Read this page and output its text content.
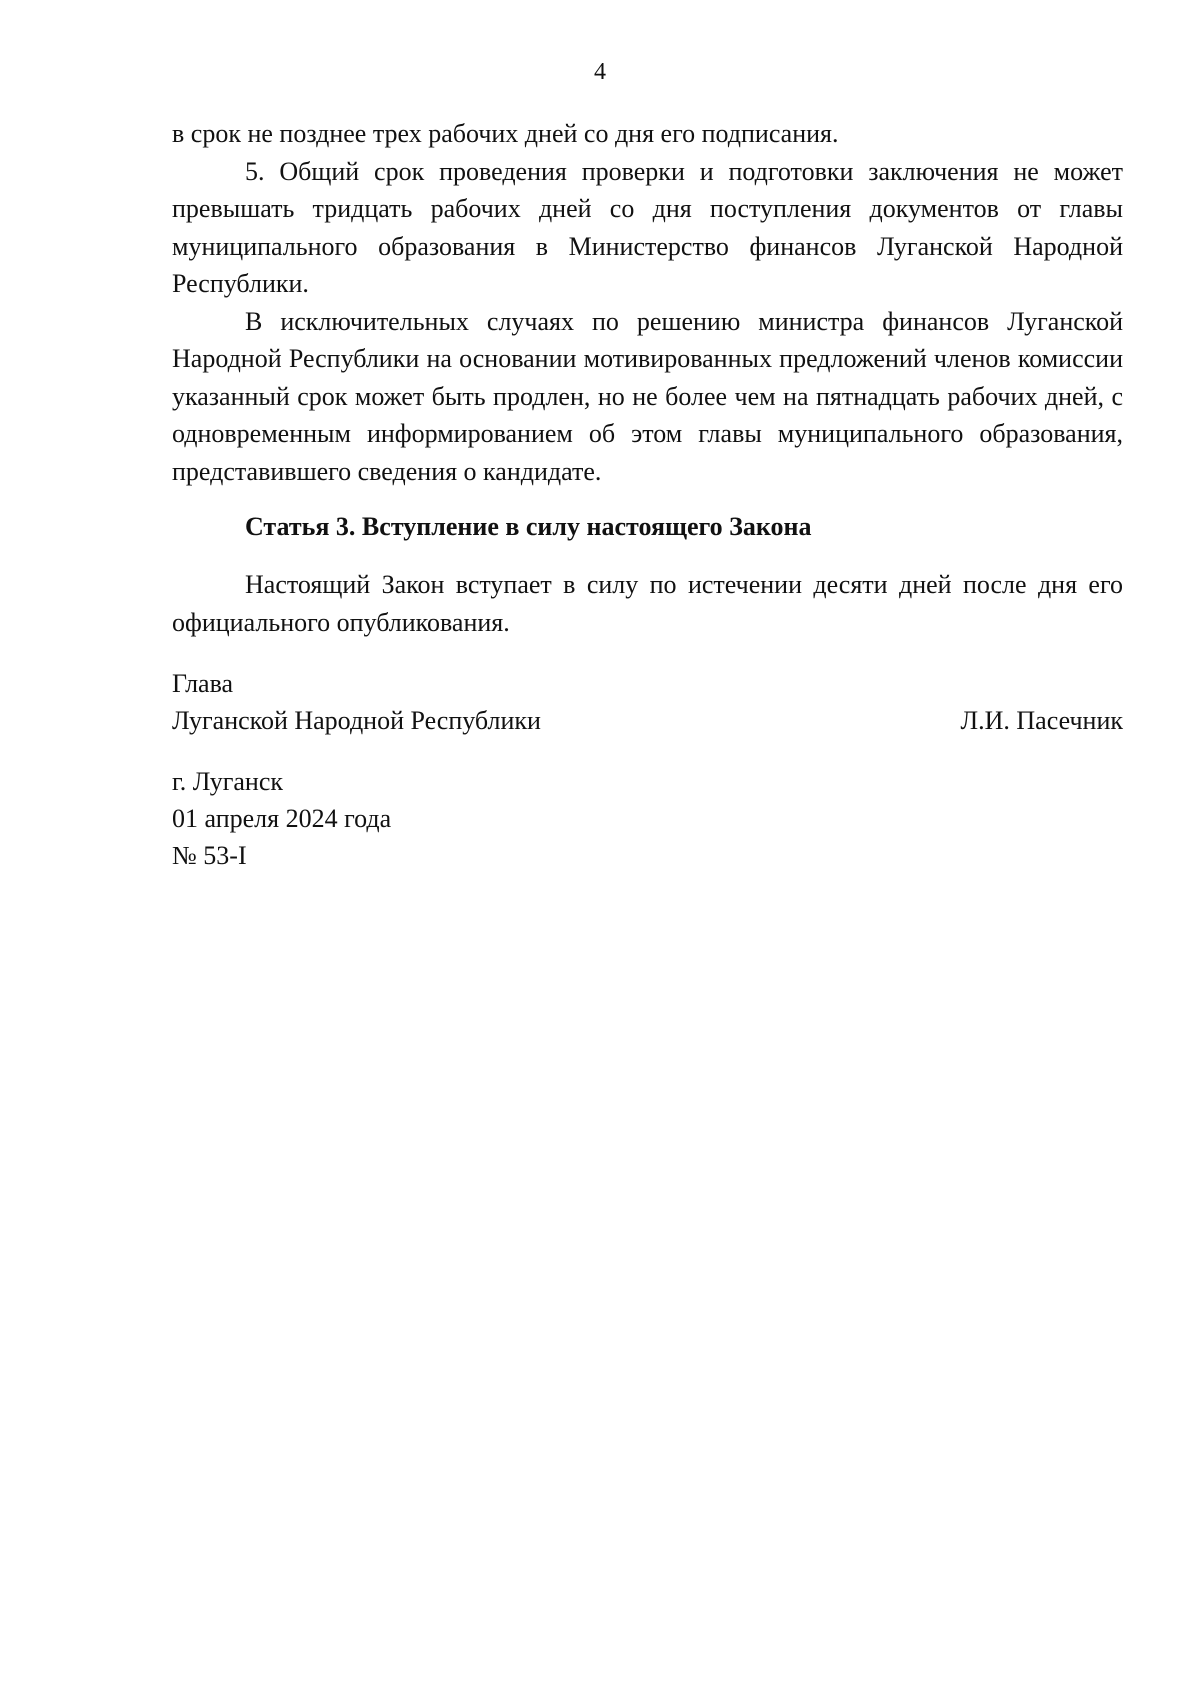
4

в срок не позднее трех рабочих дней со дня его подписания.

5. Общий срок проведения проверки и подготовки заключения не может превышать тридцать рабочих дней со дня поступления документов от главы муниципального образования в Министерство финансов Луганской Народной Республики.

В исключительных случаях по решению министра финансов Луганской Народной Республики на основании мотивированных предложений членов комиссии указанный срок может быть продлен, но не более чем на пятнадцать рабочих дней, с одновременным информированием об этом главы муниципального образования, представившего сведения о кандидате.

Статья 3. Вступление в силу настоящего Закона

Настоящий Закон вступает в силу по истечении десяти дней после дня его официального опубликования.

Глава
Луганской Народной Республики	Л.И. Пасечник
г. Луганск
01 апреля 2024 года
№ 53-I
